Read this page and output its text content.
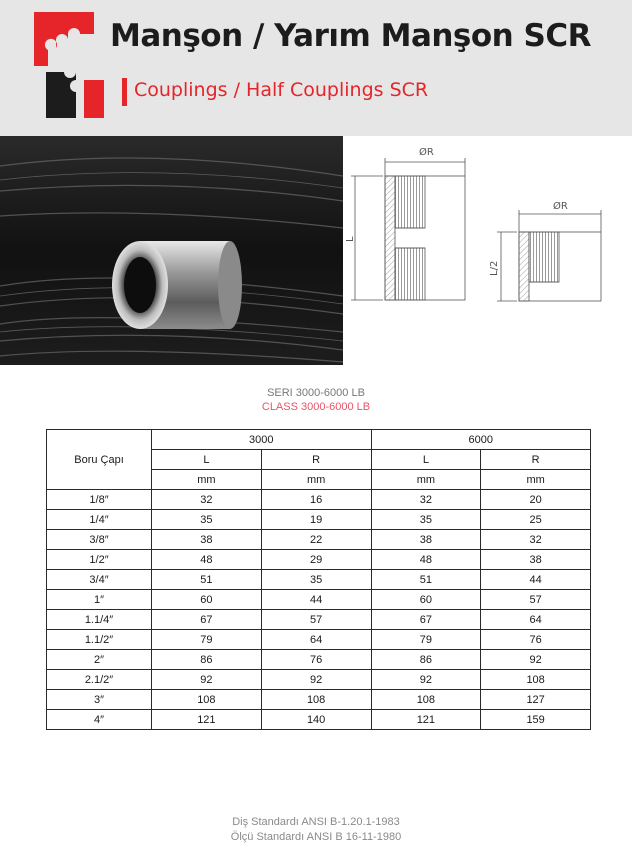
Manşon / Yarım Manşon SCR
Couplings / Half Couplings SCR
ØR
L
ØR
L/2
SERI 3000-6000 LB
CLASS 3000-6000 LB
Boru Çapı	3000		6000	
	L	R	L	R
	mm	mm	mm	mm
1/8″	32	16	32	20
1/4″	35	19	35	25
3/8″	38	22	38	32
1/2″	48	29	48	38
3/4″	51	35	51	44
1″	60	44	60	57
1.1/4″	67	57	67	64
1.1/2″	79	64	79	76
2″	86	76	86	92
2.1/2″	92	92	92	108
3″	108	108	108	127
4″	121	140	121	159
Diş Standardı ANSI B-1.20.1-1983
Ölçü Standardı ANSI B 16-11-1980
